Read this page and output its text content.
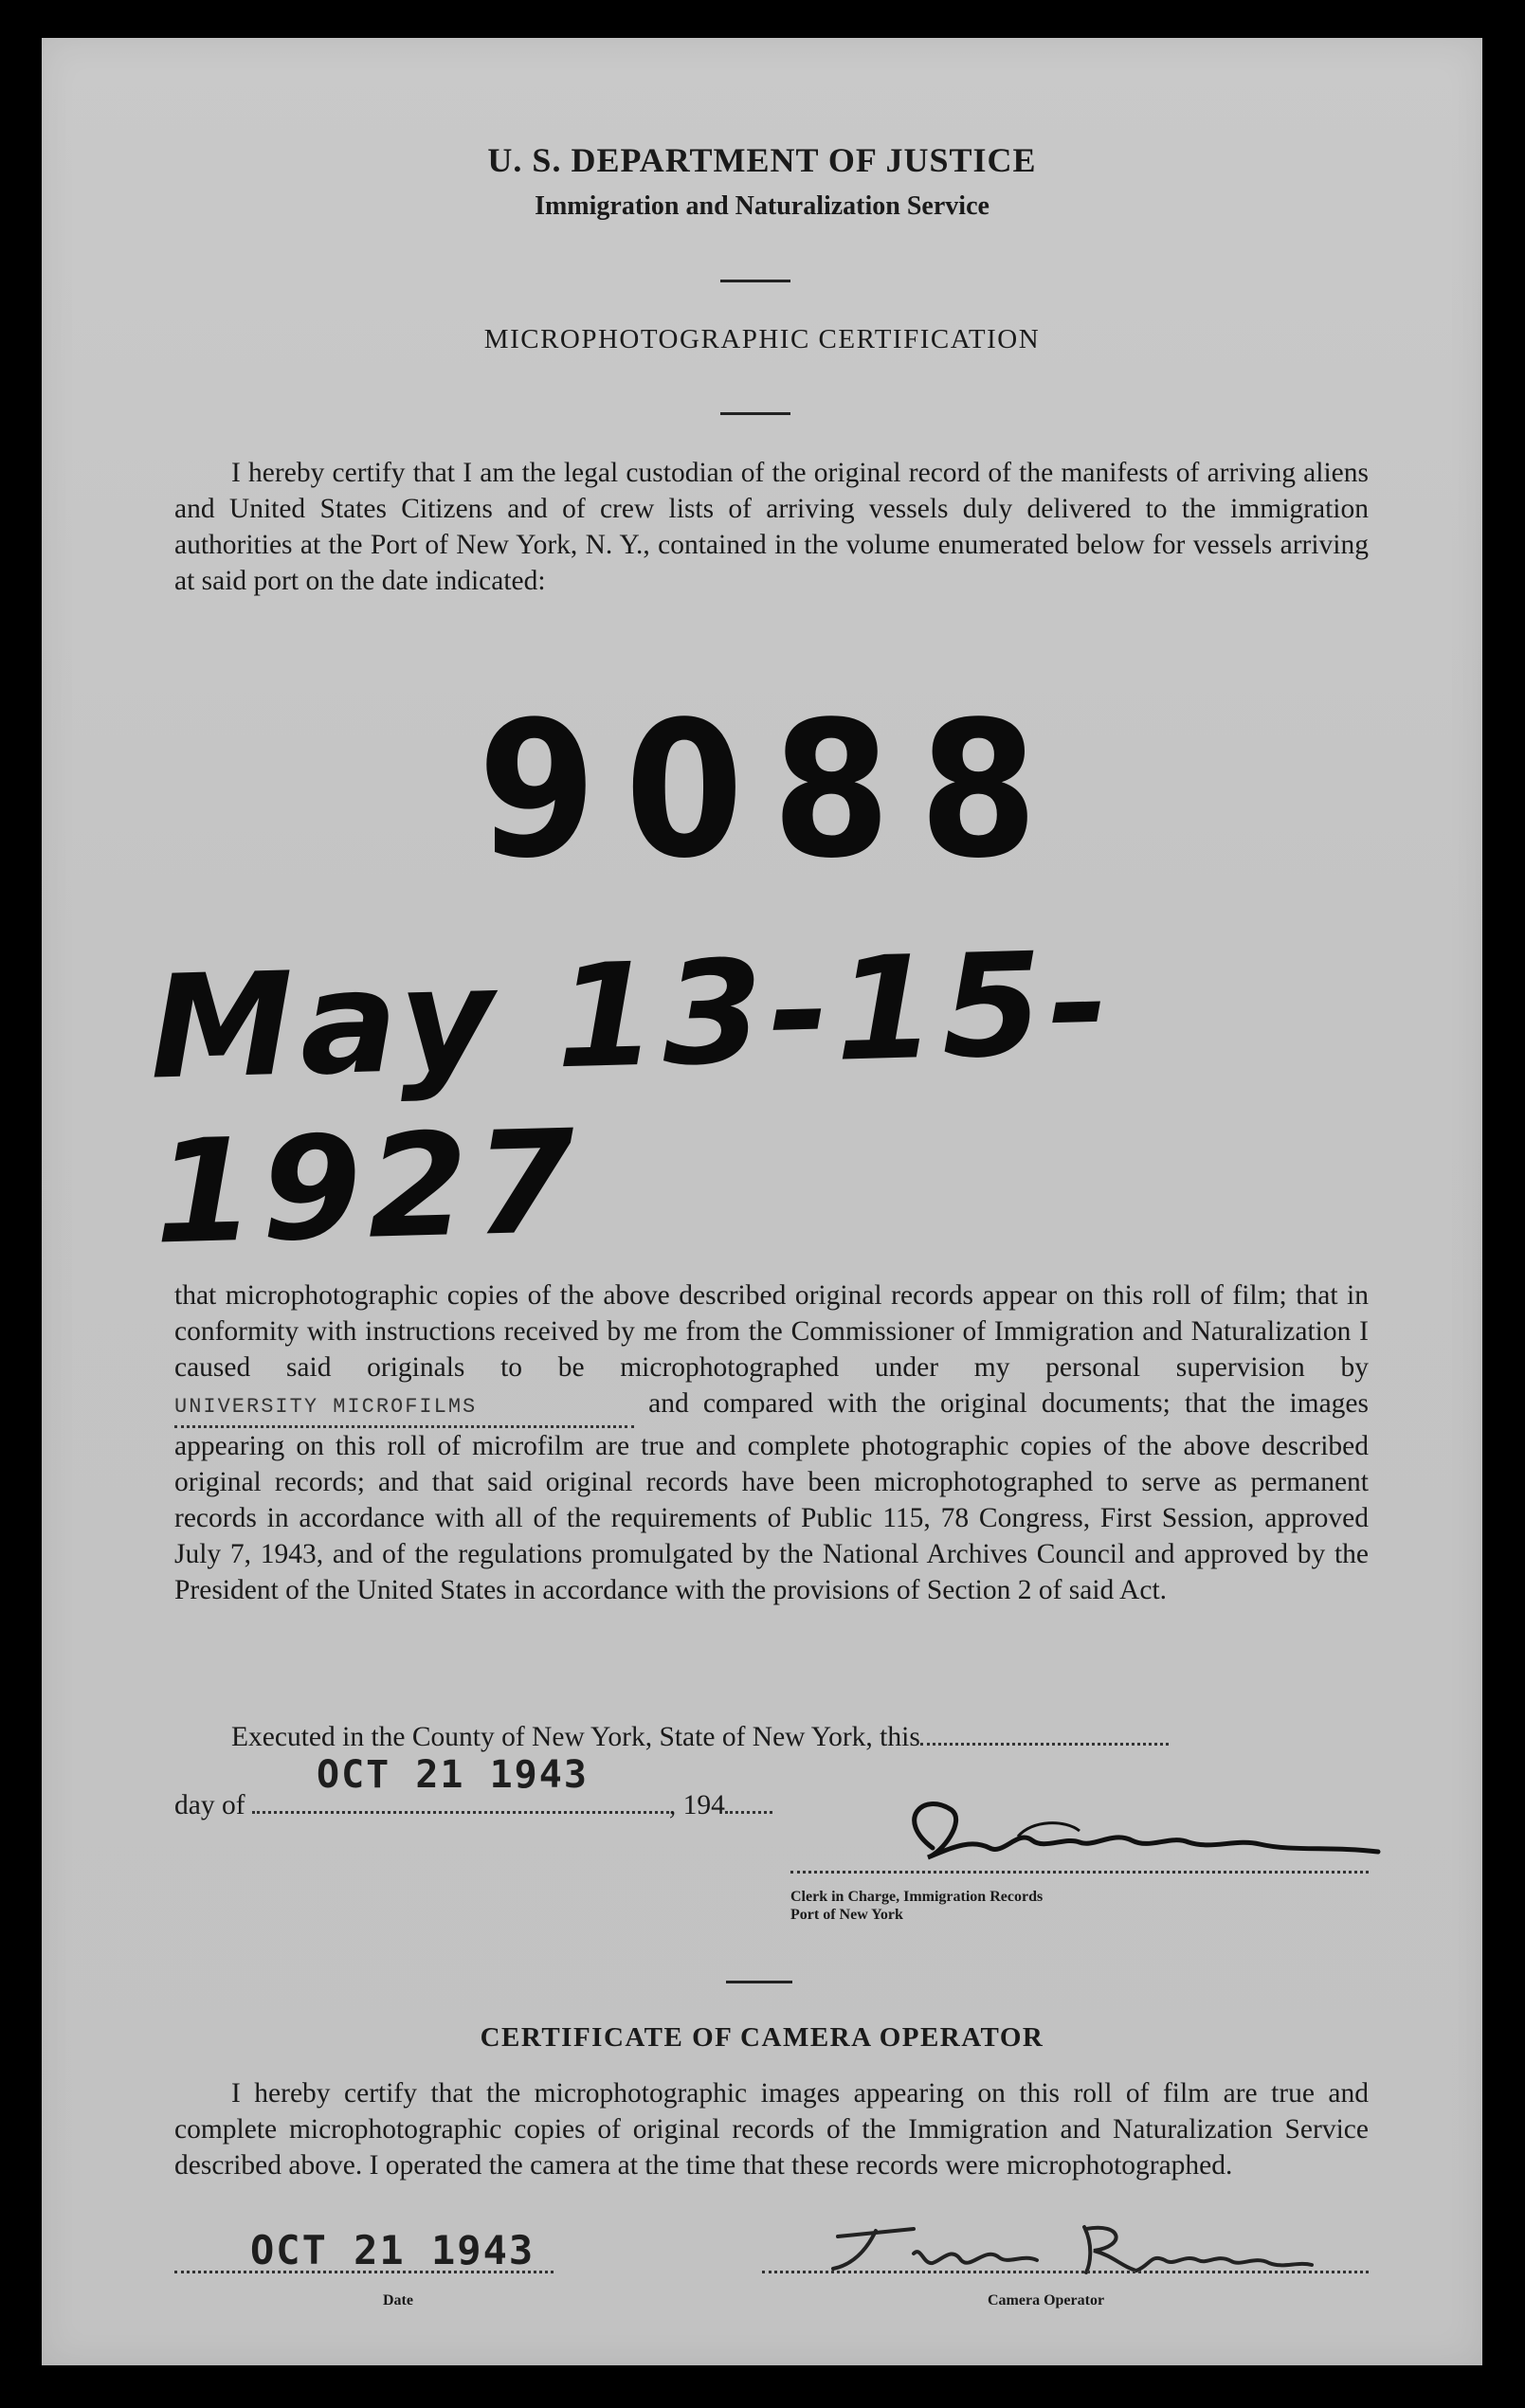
U. S. DEPARTMENT OF JUSTICE
Immigration and Naturalization Service
MICROPHOTOGRAPHIC CERTIFICATION
I hereby certify that I am the legal custodian of the original record of the manifests of arriving aliens and United States Citizens and of crew lists of arriving vessels duly delivered to the immigration authorities at the Port of New York, N. Y., contained in the volume enumerated below for vessels arriving at said port on the date indicated:
9088
May 13-15-1927
that microphotographic copies of the above described original records appear on this roll of film; that in conformity with instructions received by me from the Commissioner of Immigration and Naturalization I caused said originals to be microphotographed under my personal supervision by UNIVERSITY MICROFILMS	and compared with the original documents; that the images appearing on this roll of microfilm are true and complete photographic copies of the above described original records; and that said original records have been microphotographed to serve as permanent records in accordance with all of the requirements of Public 115, 78 Congress, First Session, approved July 7, 1943, and of the regulations promulgated by the National Archives Council and approved by the President of the United States in accordance with the provisions of Section 2 of said Act.
Executed in the County of New York, State of New York, this
OCT 21 1943
day of	, 194
Clerk in Charge, Immigration Records
Port of New York
CERTIFICATE OF CAMERA OPERATOR
I hereby certify that the microphotographic images appearing on this roll of film are true and complete microphotographic copies of original records of the Immigration and Naturalization Service described above. I operated the camera at the time that these records were microphotographed.
OCT 21 1943
Date	Camera Operator
